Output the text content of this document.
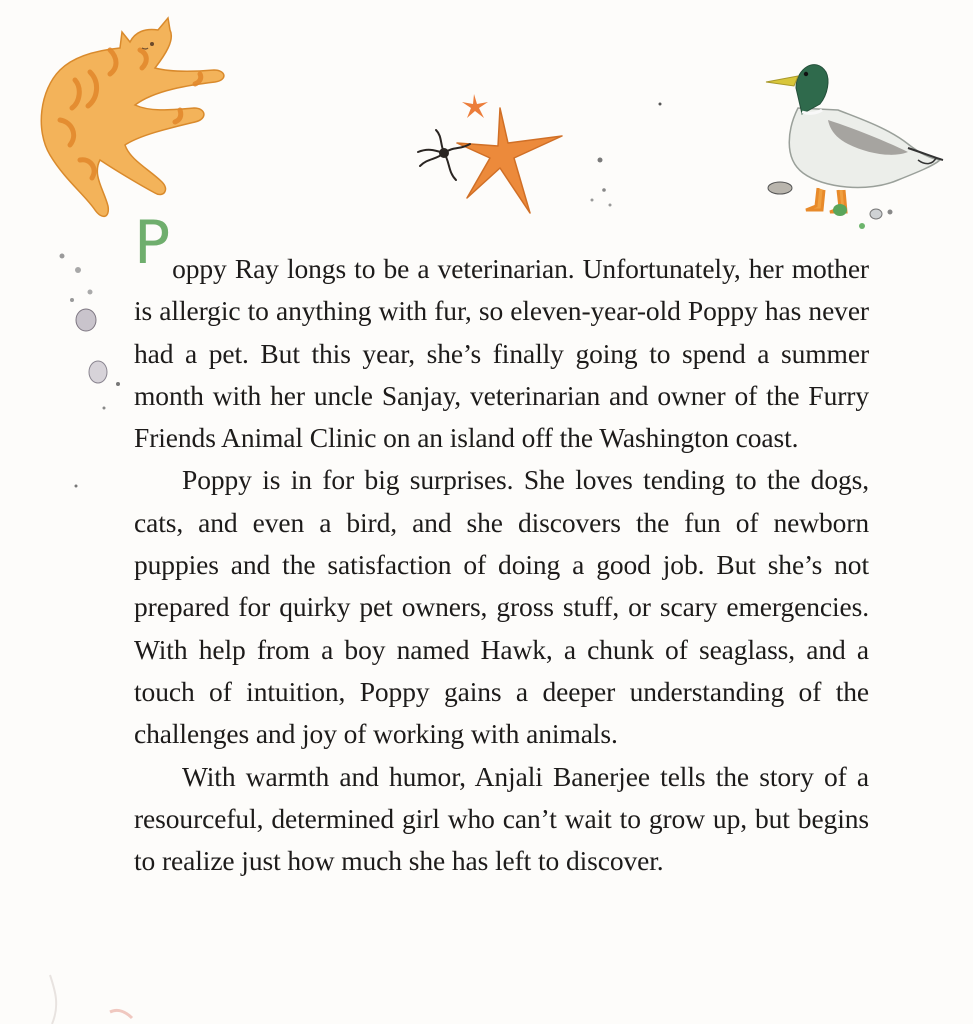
Poppy Ray longs to be a veterinarian. Unfortunately, her mother is allergic to anything with fur, so eleven-year-old Poppy has never had a pet. But this year, she’s finally going to spend a summer month with her uncle Sanjay, veterinarian and owner of the Furry Friends Animal Clinic on an island off the Washington coast.

Poppy is in for big surprises. She loves tending to the dogs, cats, and even a bird, and she discovers the fun of newborn puppies and the satisfaction of doing a good job. But she’s not prepared for quirky pet owners, gross stuff, or scary emergencies. With help from a boy named Hawk, a chunk of seaglass, and a touch of intuition, Poppy gains a deeper understanding of the challenges and joy of working with animals.

With warmth and humor, Anjali Banerjee tells the story of a resourceful, determined girl who can’t wait to grow up, but begins to realize just how much she has left to discover.
